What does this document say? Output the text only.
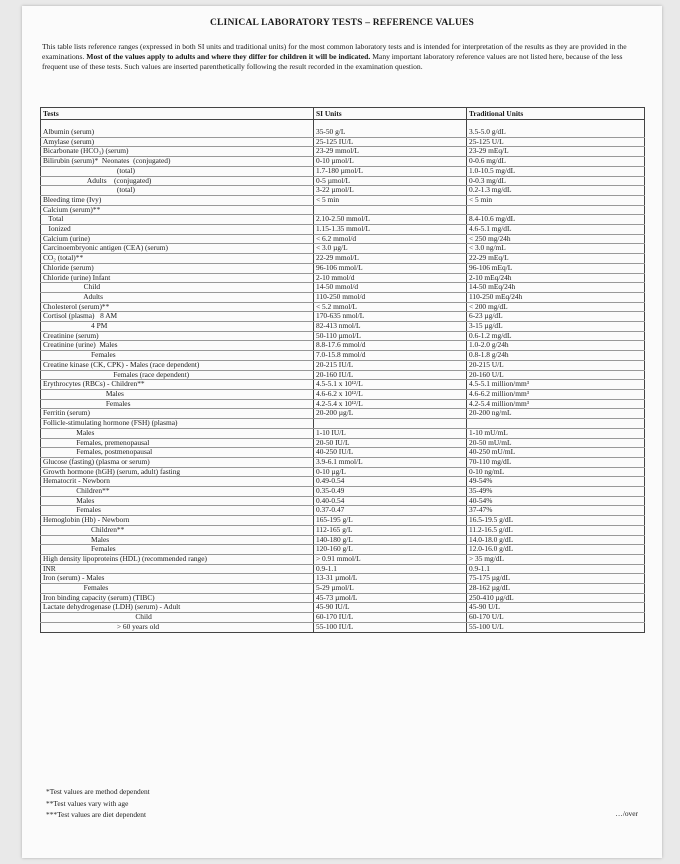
CLINICAL LABORATORY TESTS – REFERENCE VALUES
This table lists reference ranges (expressed in both SI units and traditional units) for the most common laboratory tests and is intended for interpretation of the results as they are provided in the examinations. Most of the values apply to adults and where they differ for children it will be indicated. Many important laboratory reference values are not listed here, because of the less frequent use of these tests. Such values are inserted parenthetically following the result recorded in the examination question.
Tests	SI Units	Traditional Units

Albumin (serum)	35-50 g/L	3.5-5.0 g/dL
Amylase (serum)	25-125 IU/L	25-125 U/L
Bicarbonate (HCO₃) (serum)	23-29 mmol/L	23-29 mEq/L
Bilirubin (serum)*  Neonates  (conjugated)	0-10 µmol/L	0-0.6 mg/dL
(total)	1.7-180 µmol/L	1.0-10.5 mg/dL
Adults    (conjugated)	0-5 µmol/L	0-0.3 mg/dL
(total)	3-22 µmol/L	0.2-1.3 mg/dL
Bleeding time (Ivy)	< 5 min	< 5 min
Calcium (serum)**		
Total	2.10-2.50 mmol/L	8.4-10.6 mg/dL
Ionized	1.15-1.35 mmol/L	4.6-5.1 mg/dL
Calcium (urine)	< 6.2 mmol/d	< 250 mg/24h
Carcinoembryonic antigen (CEA) (serum)	< 3.0 µg/L	< 3.0 ng/mL
CO₂ (total)**	22-29 mmol/L	22-29 mEq/L
Chloride (serum)	96-106 mmol/L	96-106 mEq/L
Chloride (urine) Infant	2-10 mmol/d	2-10 mEq/24h
Child	14-50 mmol/d	14-50 mEq/24h
Adults	110-250 mmol/d	110-250 mEq/24h
Cholesterol (serum)**	< 5.2 mmol/L	< 200 mg/dL
Cortisol (plasma)   8 AM	170-635 nmol/L	6-23 µg/dL
4 PM	82-413 nmol/L	3-15 µg/dL
Creatinine (serum)	50-110 µmol/L	0.6-1.2 mg/dL
Creatinine (urine)  Males	8.8-17.6 mmol/d	1.0-2.0 g/24h
Females	7.0-15.8 mmol/d	0.8-1.8 g/24h
Creatine kinase (CK, CPK) - Males (race dependent)	20-215 IU/L	20-215 U/L
Females (race dependent)	20-160 IU/L	20-160 U/L
Erythrocytes (RBCs) - Children**	4.5-5.1 x 10¹²/L	4.5-5.1 million/mm³
Males	4.6-6.2 x 10¹²/L	4.6-6.2 million/mm³
Females	4.2-5.4 x 10¹²/L	4.2-5.4 million/mm³
Ferritin (serum)	20-200 µg/L	20-200 ng/mL
Follicle-stimulating hormone (FSH) (plasma)		
Males	1-10 IU/L	1-10 mU/mL
Females, premenopausal	20-50 IU/L	20-50 mU/mL
Females, postmenopausal	40-250 IU/L	40-250 mU/mL
Glucose (fasting) (plasma or serum)	3.9-6.1 mmol/L	70-110 mg/dL
Growth hormone (hGH) (serum, adult) fasting	0-10 µg/L	0-10 ng/mL
Hematocrit - Newborn	0.49-0.54	49-54%
Children**	0.35-0.49	35-49%
Males	0.40-0.54	40-54%
Females	0.37-0.47	37-47%
Hemoglobin (Hb) - Newborn	165-195 g/L	16.5-19.5 g/dL
Children**	112-165 g/L	11.2-16.5 g/dL
Males	140-180 g/L	14.0-18.0 g/dL
Females	120-160 g/L	12.0-16.0 g/dL
High density lipoproteins (HDL) (recommended range)	> 0.91 mmol/L	> 35 mg/dL
INR	0.9-1.1	0.9-1.1
Iron (serum) - Males	13-31 µmol/L	75-175 µg/dL
Females	5-29 µmol/L	28-162 µg/dL
Iron binding capacity (serum) (TIBC)	45-73 µmol/L	250-410 µg/dL
Lactate dehydrogenase (LDH) (serum) - Adult	45-90 IU/L	45-90 U/L
Child	60-170 IU/L	60-170 U/L
> 60 years old	55-100 IU/L	55-100 U/L
*Test values are method dependent
**Test values vary with age
***Test values are diet dependent	…/over
